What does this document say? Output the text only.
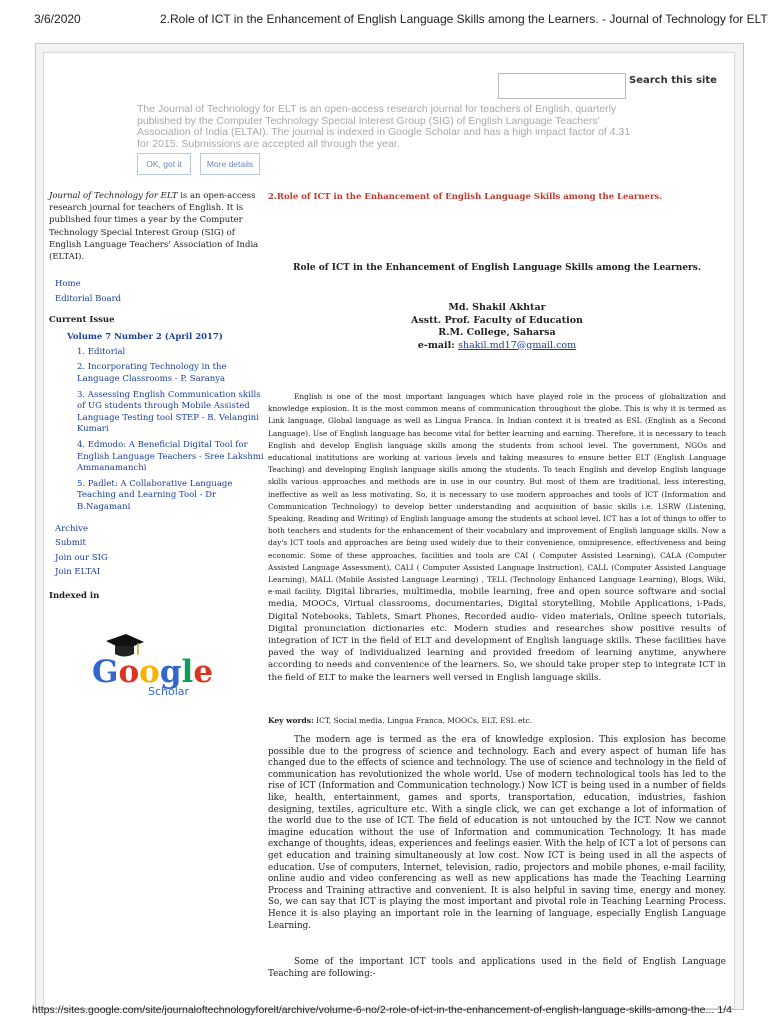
3/6/2020	2.Role of ICT in the Enhancement of English Language Skills among the Learners. - Journal of Technology for ELT
Search this site
The Journal of Technology for ELT is an open-access research journal for teachers of English, quarterly published by the Computer Technology Special Interest Group (SIG) of English Language Teachers' Association of India (ELTAI). The journal is indexed in Google Scholar and has a high impact factor of 4.31 for 2015. Submissions are accepted all through the year.
OK, got it	More details
Journal of Technology for ELT is an open-access research journal for teachers of English. It is published four times a year by the Computer Technology Special Interest Group (SIG) of English Language Teachers' Association of India (ELTAI).
Home
Editorial Board
Current Issue
Volume 7 Number 2 (April 2017)
1. Editorial
2. Incorporating Technology in the Language Classrooms - P. Saranya
3. Assessing English Communication skills of UG students through Mobile Assisted Language Testing tool STEP - B. Velangini Kumari
4. Edmodo: A Beneficial Digital Tool for English Language Teachers - Sree Lakshmi Ammanamanchi
5. Padlet: A Collaborative Language Teaching and Learning Tool - Dr B.Nagamani
Archive
Submit
Join our SIG
Join ELTAI
Indexed in
Google
Scholar
2.Role of ICT in the Enhancement of English Language Skills among the Learners.
Role of ICT in the Enhancement of English Language Skills among the Learners.
Md. Shakil Akhtar
Asstt. Prof. Faculty of Education
R.M. College, Saharsa
e-mail: shakil.md17@gmail.com

English is one of the most important languages which have played role in the process of globalization and knowledge explosion. It is the most common means of communication throughout the globe. This is why it is termed as Link language, Global language as well as Lingua Franca. In Indian context it is treated as ESL (English as a Second Language). Use of English language has become vital for better learning and earning. Therefore, it is necessary to teach English and develop English language skills among the students from school level. The government, NGOs and educational institutions are working at various levels and taking measures to ensure better ELT (English Language Teaching) and developing English language skills among the students. To teach English and develop English language skills various approaches and methods are in use in our country. But most of them are traditional, less interesting, ineffective as well as less motivating. So, it is necessary to use modern approaches and tools of ICT (Information and Communication Technology) to develop better understanding and acquisition of basic skills i.e. LSRW (Listening, Speaking, Reading and Writing) of English language among the students at school level. ICT has a lot of things to offer to both teachers and students for the enhancement of their vocabulary and improvement of English language skills. Now a day's ICT tools and approaches are being used widely due to their convenience, omnipresence, effectiveness and being economic. Some of these approaches, facilities and tools are CAI ( Computer Assisted Learning), CALA (Computer Assisted Language Assessment), CALI ( Computer Assisted Language Instruction), CALL (Computer Assisted Language Learning), MALL (Mobile Assisted Language Learning) , TELL (Technology Enhanced Language Learning), Blogs, Wiki, e-mail facility, Digital libraries, multimedia, mobile learning, free and open source software and social media, MOOCs, Virtual classrooms, documentaries, Digital storytelling, Mobile Applications, i-Pads, Digital Notebooks, Tablets, Smart Phones, Recorded audio- video materials, Online speech tutorials, Digital pronunciation dictionaries etc. Modern studies and researches show positive results of integration of ICT in the field of ELT and development of English language skills. These facilities have paved the way of individualized learning and provided freedom of learning anytime, anywhere according to needs and convenience of the learners. So, we should take proper step to integrate ICT in the field of ELT to make the learners well versed in English language skills.

Key words: ICT, Social media, Lingua Franca, MOOCs, ELT, ESL etc.

The modern age is termed as the era of knowledge explosion. This explosion has become possible due to the progress of science and technology. Each and every aspect of human life has changed due to the effects of science and technology. The use of science and technology in the field of communication has revolutionized the whole world. Use of modern technological tools has led to the rise of ICT (Information and Communication technology.) Now ICT is being used in a number of fields like, health, entertainment, games and sports, transportation, education, industries, fashion designing, textiles, agriculture etc. With a single click, we can get exchange a lot of information of the world due to the use of ICT. The field of education is not untouched by the ICT. Now we cannot imagine education without the use of Information and communication Technology. It has made exchange of thoughts, ideas, experiences and feelings easier. With the help of ICT a lot of persons can get education and training simultaneously at low cost. Now ICT is being used in all the aspects of education. Use of computers, Internet, television, radio, projectors and mobile phones, e-mail facility, online audio and video conferencing as well as new applications has made the Teaching Learning Process and Training attractive and convenient. It is also helpful in saving time, energy and money. So, we can say that ICT is playing the most important and pivotal role in Teaching Learning Process. Hence it is also playing an important role in the learning of language, especially English Language Learning.

Some of the important ICT tools and applications used in the field of English Language Teaching are following:-

https://sites.google.com/site/journaloftechnologyforelt/archive/volume-6-no/2-role-of-ict-in-the-enhancement-of-english-language-skills-among-the... 1/4
